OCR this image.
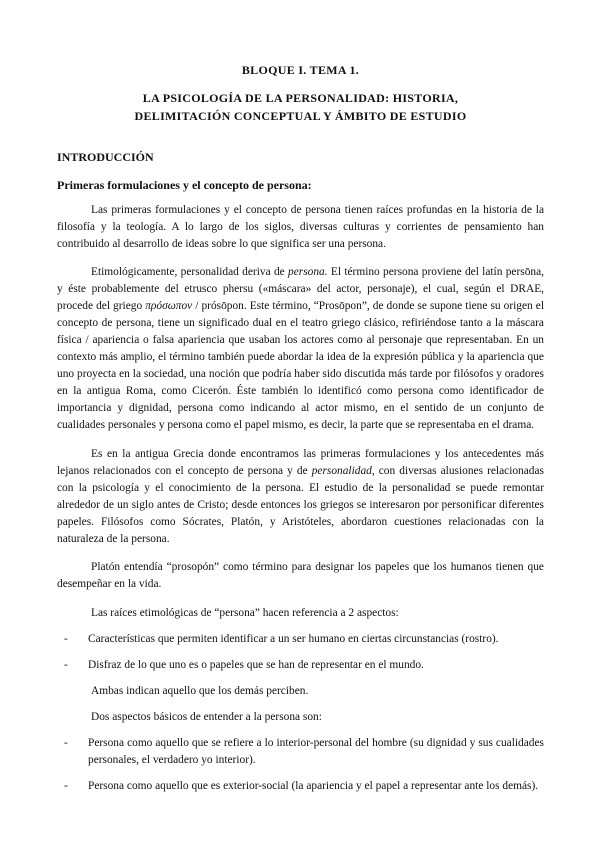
BLOQUE I. TEMA 1.
LA PSICOLOGÍA DE LA PERSONALIDAD: HISTORIA,
DELIMITACIÓN CONCEPTUAL Y ÁMBITO DE ESTUDIO
INTRODUCCIÓN
Primeras formulaciones y el concepto de persona:

Las primeras formulaciones y el concepto de persona tienen raíces profundas en la historia de la filosofía y la teología. A lo largo de los siglos, diversas culturas y corrientes de pensamiento han contribuido al desarrollo de ideas sobre lo que significa ser una persona.

Etimológicamente, personalidad deriva de persona. El término persona proviene del latín persōna, y éste probablemente del etrusco phersu («máscara» del actor, personaje), el cual, según el DRAE, procede del griego πρόσωπον / prósōpon. Este término, “Prosōpon”, de donde se supone tiene su origen el concepto de persona, tiene un significado dual en el teatro griego clásico, refiriéndose tanto a la máscara física / apariencia o falsa apariencia que usaban los actores como al personaje que representaban. En un contexto más amplio, el término también puede abordar la idea de la expresión pública y la apariencia que uno proyecta en la sociedad, una noción que podría haber sido discutida más tarde por filósofos y oradores en la antigua Roma, como Cicerón. Éste también lo identificó como persona como identificador de importancia y dignidad, persona como indicando al actor mismo, en el sentido de un conjunto de cualidades personales y persona como el papel mismo, es decir, la parte que se representaba en el drama.

Es en la antigua Grecia donde encontramos las primeras formulaciones y los antecedentes más lejanos relacionados con el concepto de persona y de personalidad, con diversas alusiones relacionadas con la psicología y el conocimiento de la persona. El estudio de la personalidad se puede remontar alrededor de un siglo antes de Cristo; desde entonces los griegos se interesaron por personificar diferentes papeles. Filósofos como Sócrates, Platón, y Aristóteles, abordaron cuestiones relacionadas con la naturaleza de la persona.

Platón entendía “prosopón” como término para designar los papeles que los humanos tienen que desempeñar en la vida.

Las raíces etimológicas de “persona” hacen referencia a 2 aspectos:
- Características que permiten identificar a un ser humano en ciertas circunstancias (rostro).
- Disfraz de lo que uno es o papeles que se han de representar en el mundo.
Ambas indican aquello que los demás perciben.
Dos aspectos básicos de entender a la persona son:
- Persona como aquello que se refiere a lo interior-personal del hombre (su dignidad y sus cualidades personales, el verdadero yo interior).
- Persona como aquello que es exterior-social (la apariencia y el papel a representar ante los demás).
